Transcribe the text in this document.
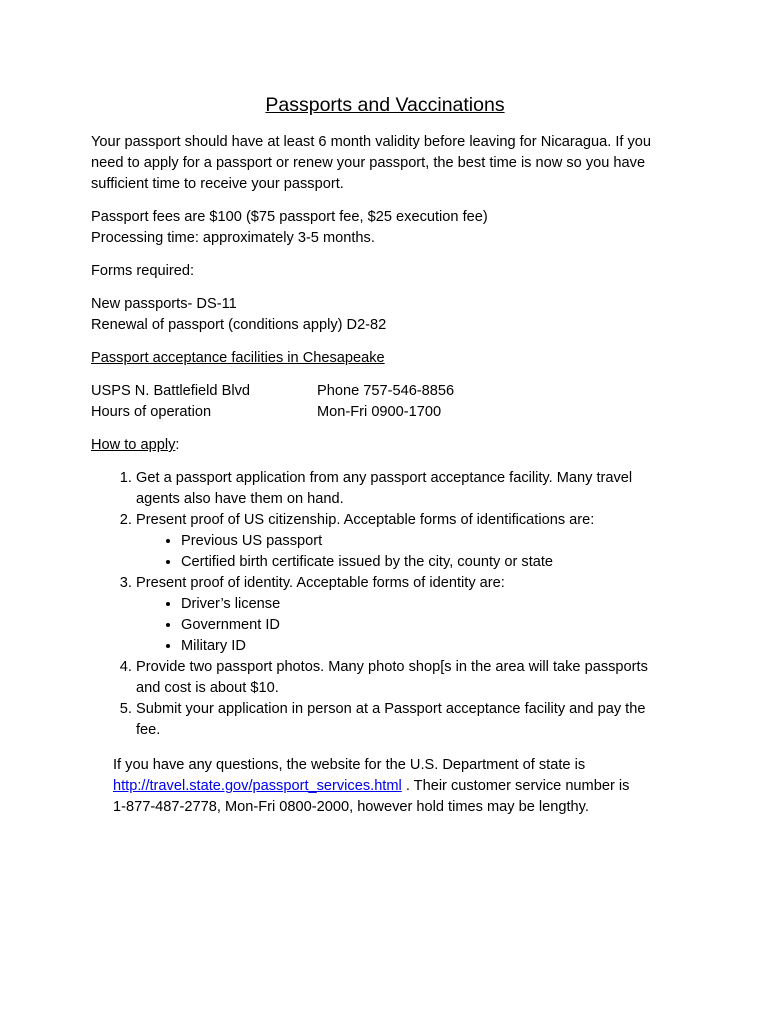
Passports and Vaccinations

Your passport should have at least 6 month validity before leaving for Nicaragua. If you
need to apply for a passport or renew your passport, the best time is now so you have
sufficient time to receive your passport.

Passport fees are $100 ($75 passport fee, $25 execution fee)
Processing time: approximately 3-5 months.

Forms required:

New passports- DS-11
Renewal of passport (conditions apply) D2-82

Passport acceptance facilities in Chesapeake

USPS N. Battlefield Blvd	Phone 757-546-8856
Hours of operation	Mon-Fri 0900-1700

How to apply:

1. Get a passport application from any passport acceptance facility. Many travel
agents also have them on hand.
2. Present proof of US citizenship. Acceptable forms of identifications are:
• Previous US passport
• Certified birth certificate issued by the city, county or state
3. Present proof of identity. Acceptable forms of identity are:
• Driver’s license
• Government ID
• Military ID
4. Provide two passport photos. Many photo shop[s in the area will take passports
and cost is about $10.
5. Submit your application in person at a Passport acceptance facility and pay the
fee.
If you have any questions, the website for the U.S. Department of state is
http://travel.state.gov/passport_services.html . Their customer service number is
1-877-487-2778, Mon-Fri 0800-2000, however hold times may be lengthy.
